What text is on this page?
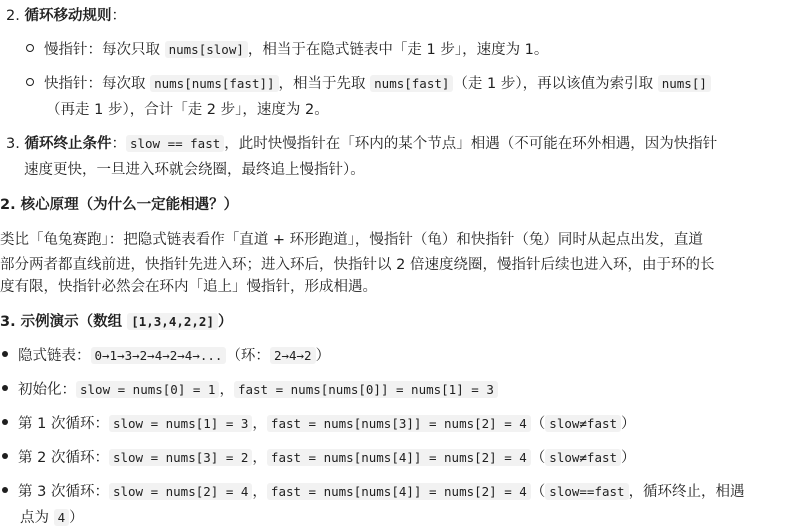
2. 循环移动规则：
慢指针：每次只取 nums[slow] ，相当于在隐式链表中「走 1 步」，速度为 1。
快指针：每次取 nums[nums[fast]] ，相当于先取 nums[fast] （走 1 步），再以该值为索引取 nums[]
（再走 1 步），合计「走 2 步」，速度为 2。
3. 循环终止条件： slow == fast ，此时快慢指针在「环内的某个节点」相遇（不可能在环外相遇，因为快指针
速度更快，一旦进入环就会绕圈，最终追上慢指针）。
2. 核心原理（为什么一定能相遇？）
类比「龟兔赛跑」：把隐式链表看作「直道 + 环形跑道」，慢指针（龟）和快指针（兔）同时从起点出发，直道
部分两者都直线前进，快指针先进入环；进入环后，快指针以 2 倍速度绕圈，慢指针后续也进入环，由于环的长
度有限，快指针必然会在环内「追上」慢指针，形成相遇。
3. 示例演示（数组 [1,3,4,2,2] ）
隐式链表： 0→1→3→2→4→2→4→... （环： 2→4→2 ）
初始化： slow = nums[0] = 1 ， fast = nums[nums[0]] = nums[1] = 3
第 1 次循环： slow = nums[1] = 3 ， fast = nums[nums[3]] = nums[2] = 4 （ slow≠fast ）
第 2 次循环： slow = nums[3] = 2 ， fast = nums[nums[4]] = nums[2] = 4 （ slow≠fast ）
第 3 次循环： slow = nums[2] = 4 ， fast = nums[nums[4]] = nums[2] = 4 （ slow==fast ，循环终止，相遇
点为 4 ）
